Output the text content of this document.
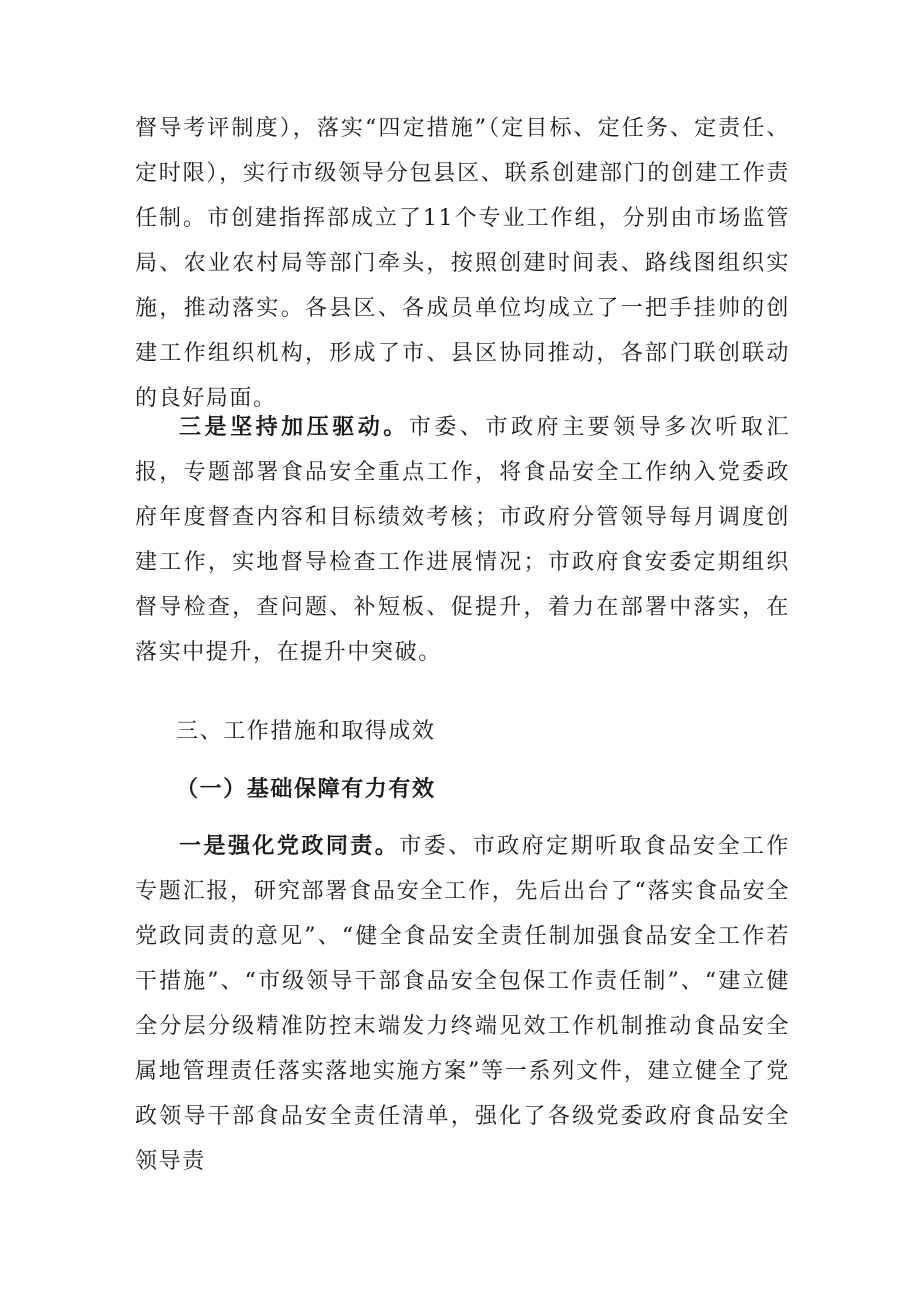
督导考评制度），落实“四定措施”（定目标、定任务、定责任、定时限），实行市级领导分包县区、联系创建部门的创建工作责任制。市创建指挥部成立了11个专业工作组，分别由市场监管局、农业农村局等部门牵头，按照创建时间表、路线图组织实施，推动落实。各县区、各成员单位均成立了一把手挂帅的创建工作组织机构，形成了市、县区协同推动，各部门联创联动的良好局面。

三是坚持加压驱动。市委、市政府主要领导多次听取汇报，专题部署食品安全重点工作，将食品安全工作纳入党委政府年度督查内容和目标绩效考核；市政府分管领导每月调度创建工作，实地督导检查工作进展情况；市政府食安委定期组织督导检查，查问题、补短板、促提升，着力在部署中落实，在落实中提升，在提升中突破。

三、工作措施和取得成效
（一）基础保障有力有效

一是强化党政同责。市委、市政府定期听取食品安全工作专题汇报，研究部署食品安全工作，先后出台了“落实食品安全党政同责的意见”、“健全食品安全责任制加强食品安全工作若干措施”、“市级领导干部食品安全包保工作责任制”、“建立健全分层分级精准防控末端发力终端见效工作机制推动食品安全属地管理责任落实落地实施方案”等一系列文件，建立健全了党政领导干部食品安全责任清单，强化了各级党委政府食品安全领导责
